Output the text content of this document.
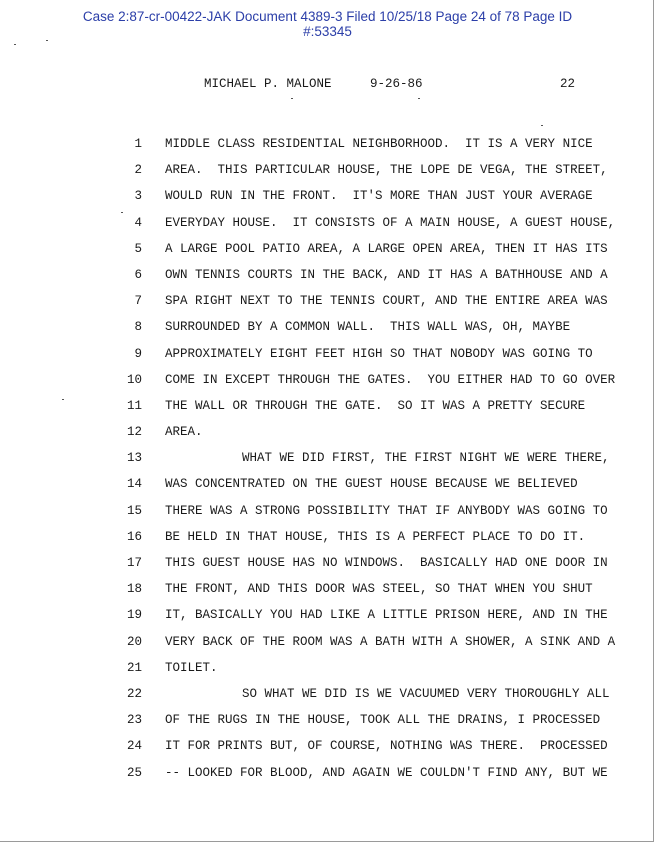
Case 2:87-cr-00422-JAK Document 4389-3 Filed 10/25/18 Page 24 of 78 Page ID
#:53345
MICHAEL P. MALONE	9-26-86	22
1 MIDDLE CLASS RESIDENTIAL NEIGHBORHOOD.  IT IS A VERY NICE
2 AREA.  THIS PARTICULAR HOUSE, THE LOPE DE VEGA, THE STREET,
3 WOULD RUN IN THE FRONT.  IT'S MORE THAN JUST YOUR AVERAGE
4 EVERYDAY HOUSE.  IT CONSISTS OF A MAIN HOUSE, A GUEST HOUSE,
5 A LARGE POOL PATIO AREA, A LARGE OPEN AREA, THEN IT HAS ITS
6 OWN TENNIS COURTS IN THE BACK, AND IT HAS A BATHHOUSE AND A
7 SPA RIGHT NEXT TO THE TENNIS COURT, AND THE ENTIRE AREA WAS
8 SURROUNDED BY A COMMON WALL.  THIS WALL WAS, OH, MAYBE
9 APPROXIMATELY EIGHT FEET HIGH SO THAT NOBODY WAS GOING TO
10 COME IN EXCEPT THROUGH THE GATES.  YOU EITHER HAD TO GO OVER
11 THE WALL OR THROUGH THE GATE.  SO IT WAS A PRETTY SECURE
12 AREA.
13	WHAT WE DID FIRST, THE FIRST NIGHT WE WERE THERE,
14 WAS CONCENTRATED ON THE GUEST HOUSE BECAUSE WE BELIEVED
15 THERE WAS A STRONG POSSIBILITY THAT IF ANYBODY WAS GOING TO
16 BE HELD IN THAT HOUSE, THIS IS A PERFECT PLACE TO DO IT.
17 THIS GUEST HOUSE HAS NO WINDOWS.  BASICALLY HAD ONE DOOR IN
18 THE FRONT, AND THIS DOOR WAS STEEL, SO THAT WHEN YOU SHUT
19 IT, BASICALLY YOU HAD LIKE A LITTLE PRISON HERE, AND IN THE
20 VERY BACK OF THE ROOM WAS A BATH WITH A SHOWER, A SINK AND A
21 TOILET.
22	SO WHAT WE DID IS WE VACUUMED VERY THOROUGHLY ALL
23 OF THE RUGS IN THE HOUSE, TOOK ALL THE DRAINS, I PROCESSED
24 IT FOR PRINTS BUT, OF COURSE, NOTHING WAS THERE.  PROCESSED
25 -- LOOKED FOR BLOOD, AND AGAIN WE COULDN'T FIND ANY, BUT WE
